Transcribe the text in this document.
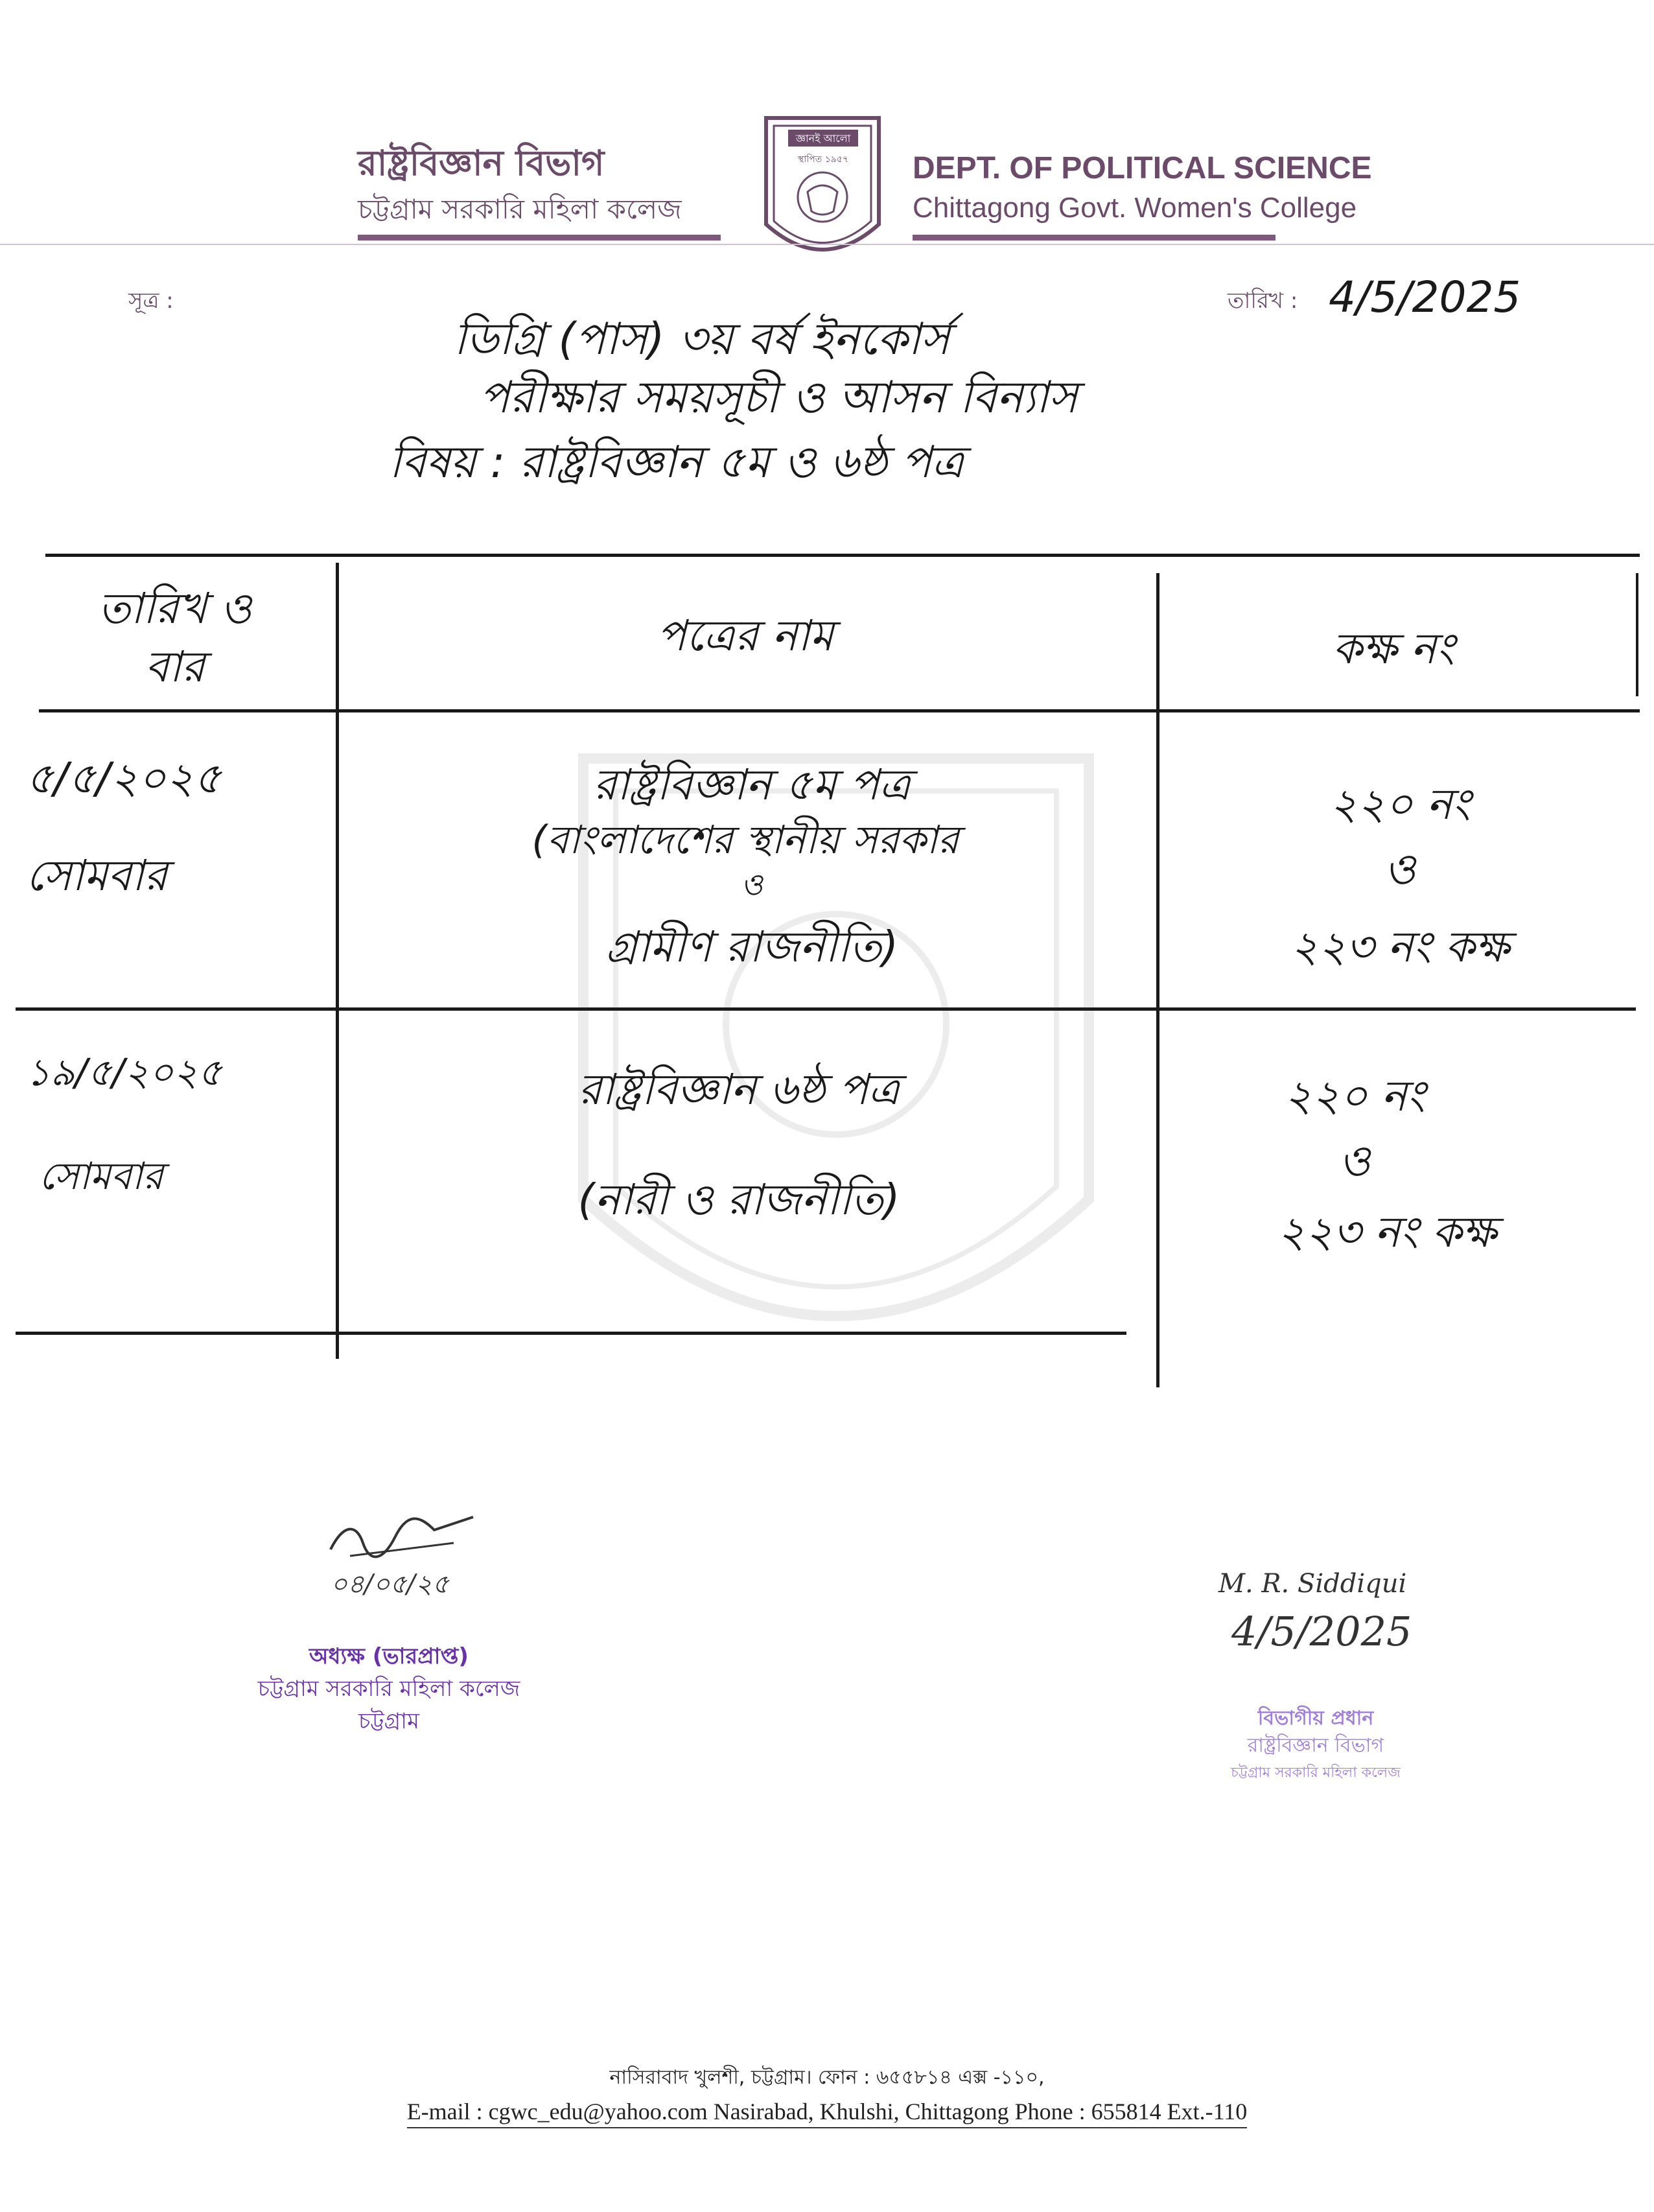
রাষ্ট্রবিজ্ঞান বিভাগ
চট্টগ্রাম সরকারি মহিলা কলেজ
জ্ঞানই আলো
স্থাপিত ১৯৫৭ DEPT. OF POLITICAL SCIENCE
Chittagong Govt. Women's College
সূত্র :	তারিখ : 4/5/2025
ডিগ্রি (পাস) ৩য় বর্ষ ইনকোর্স
পরীক্ষার সময়সূচী ও আসন বিন্যাস
বিষয় : রাষ্ট্রবিজ্ঞান ৫ম ও ৬ষ্ঠ পত্র
তারিখ ও
বার
পত্রের নাম	কক্ষ নং
৫/৫/২০২৫
সোমবার
রাষ্ট্রবিজ্ঞান ৫ম পত্র
(বাংলাদেশের স্থানীয় সরকার
ও
গ্রামীণ রাজনীতি)
২২০ নং
ও
২২৩ নং কক্ষ
১৯/৫/২০২৫
সোমবার
রাষ্ট্রবিজ্ঞান ৬ষ্ঠ পত্র
(নারী ও রাজনীতি)
২২০ নং
ও
২২৩ নং কক্ষ
০৪/০৫/২৫
অধ্যক্ষ (ভারপ্রাপ্ত)
চট্টগ্রাম সরকারি মহিলা কলেজ
চট্টগ্রাম
M. R. Siddiqui
4/5/2025
বিভাগীয় প্রধান
রাষ্ট্রবিজ্ঞান বিভাগ
চট্টগ্রাম সরকারি মহিলা কলেজ
নাসিরাবাদ খুলশী, চট্টগ্রাম। ফোন : ৬৫৫৮১৪ এক্স -১১০,
E-mail : cgwc_edu@yahoo.com Nasirabad, Khulshi, Chittagong Phone : 655814 Ext.-110
